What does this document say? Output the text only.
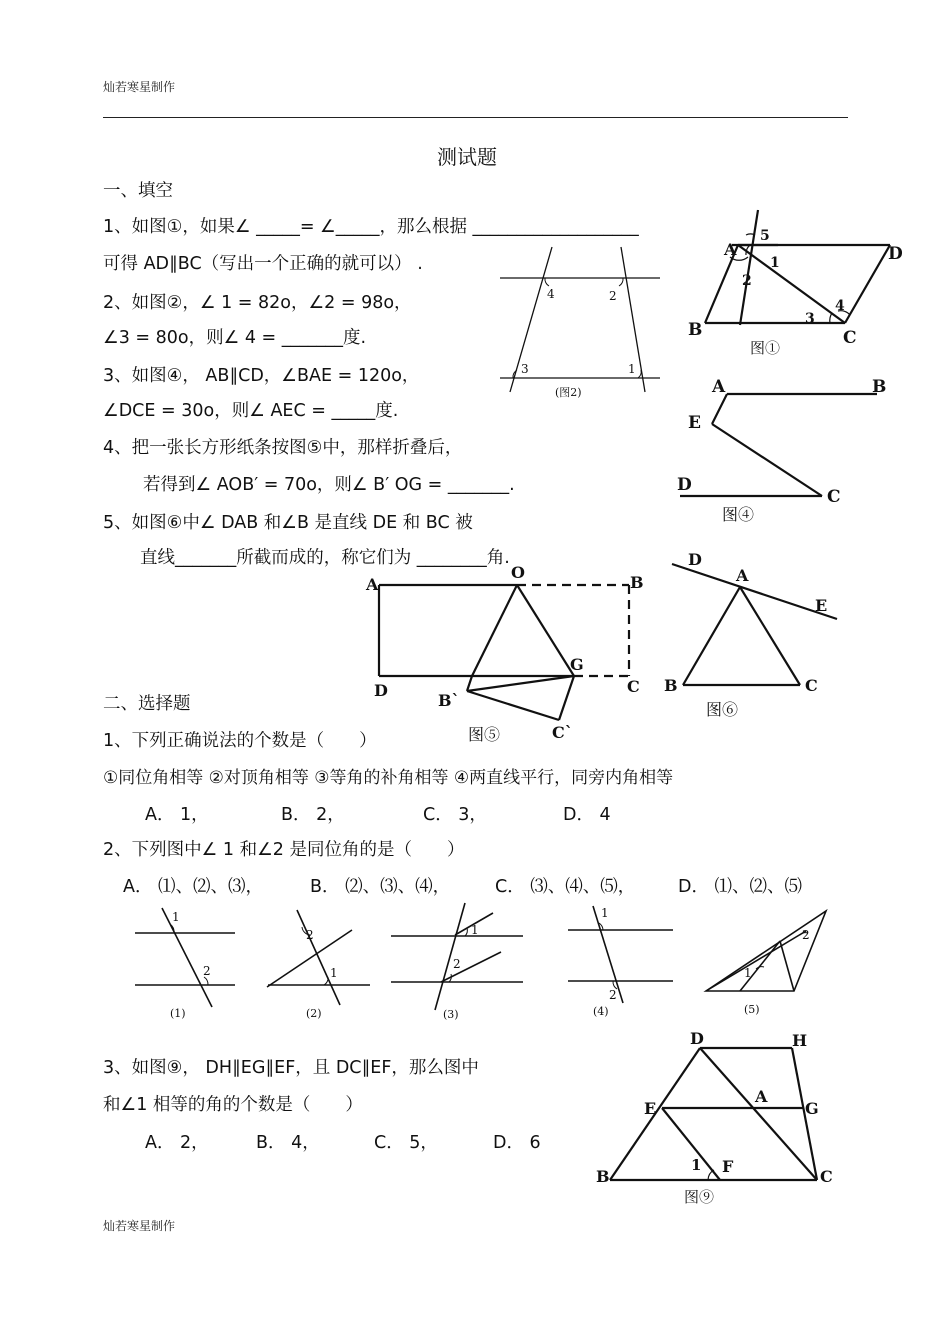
灿若寒星制作
测试题
一、填空
1、如图①，如果∠ _____= ∠_____，那么根据 ___________________
可得 AD∥BC（写出一个正确的就可以） .
2、如图②，∠ 1 = 82o，∠2 = 98o，
∠3 = 80o，则∠ 4 = _______度.
3、如图④， AB∥CD，∠BAE = 120o，
∠DCE = 30o，则∠ AEC = _____度.
4、把一张长方形纸条按图⑤中，那样折叠后，
若得到∠ AOB′ = 70o，则∠ B′ OG = _______.
5、如图⑥中∠ DAB 和∠B 是直线 DE 和 BC 被
直线_______所截而成的，称它们为 ________角.
二、选择题
1、下列正确说法的个数是（　　）
①同位角相等 ②对顶角相等 ③等角的补角相等 ④两直线平行，同旁内角相等
A． 1，	B． 2，	C． 3，	D． 4
2、下列图中∠ 1 和∠2 是同位角的是（　　）
A． ⑴、⑵、⑶，	B． ⑵、⑶、⑷，	C． ⑶、⑷、⑸， D． ⑴、⑵、⑸
3、如图⑨， DH∥EG∥EF，且 DC∥EF，那么图中
和∠1 相等的角的个数是（　　）
A． 2，	B． 4，	C． 5，	D． 6
灿若寒星制作
A	D
B	C
1
2
3
4
5
图①
4	2
3	1
(图2)	A	B
E
D
C
图④
A
O
B
G
D
B`
C
C`
图⑤
D
A
E
B	C
图⑥
1
2
(1)
2
1
(2)
1
2
(3)
1
2
(4)
1
2
(5)
D	H
E
A
G
B
F
C
1
图⑨
